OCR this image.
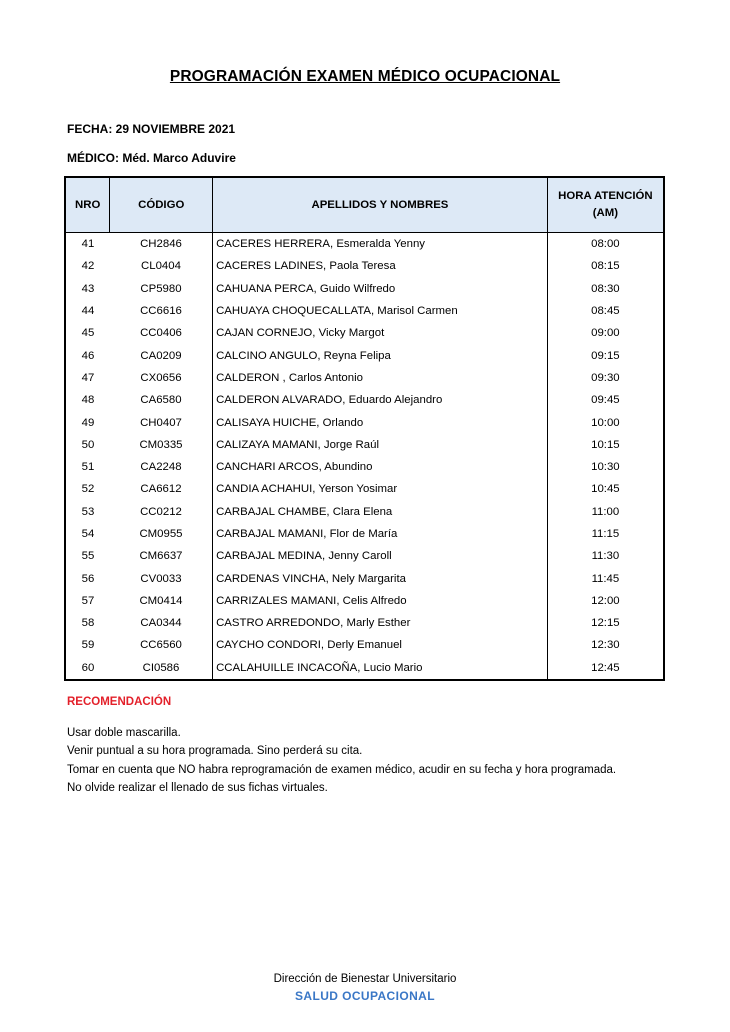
PROGRAMACIÓN EXAMEN MÉDICO OCUPACIONAL
FECHA: 29 NOVIEMBRE 2021
MÉDICO: Méd. Marco Aduvire
NRO	CÓDIGO	APELLIDOS Y NOMBRES	HORA ATENCIÓN
(AM)

41	CH2846	CACERES HERRERA, Esmeralda Yenny	08:00
42	CL0404	CACERES LADINES, Paola Teresa	08:15
43	CP5980	CAHUANA PERCA, Guido Wilfredo	08:30
44	CC6616	CAHUAYA CHOQUECALLATA, Marisol Carmen	08:45
45	CC0406	CAJAN CORNEJO, Vicky Margot	09:00
46	CA0209	CALCINO ANGULO, Reyna Felipa	09:15
47	CX0656	CALDERON , Carlos Antonio	09:30
48	CA6580	CALDERON ALVARADO, Eduardo Alejandro	09:45
49	CH0407	CALISAYA HUICHE, Orlando	10:00
50	CM0335	CALIZAYA MAMANI, Jorge Raúl	10:15
51	CA2248	CANCHARI ARCOS, Abundino	10:30
52	CA6612	CANDIA ACHAHUI, Yerson Yosimar	10:45
53	CC0212	CARBAJAL CHAMBE, Clara Elena	11:00
54	CM0955	CARBAJAL MAMANI, Flor de María	11:15
55	CM6637	CARBAJAL MEDINA, Jenny Caroll	11:30
56	CV0033	CARDENAS VINCHA, Nely Margarita	11:45
57	CM0414	CARRIZALES MAMANI, Celis Alfredo	12:00
58	CA0344	CASTRO ARREDONDO, Marly Esther	12:15
59	CC6560	CAYCHO CONDORI, Derly Emanuel	12:30
60	CI0586	CCALAHUILLE INCACOÑA, Lucio Mario	12:45
RECOMENDACIÓN
Usar doble mascarilla.
Venir puntual a su hora programada. Sino perderá su cita.
Tomar en cuenta que NO habra reprogramación de examen médico, acudir en su fecha y hora programada.
No olvide realizar el llenado de sus fichas virtuales.
Dirección de Bienestar Universitario
SALUD OCUPACIONAL
